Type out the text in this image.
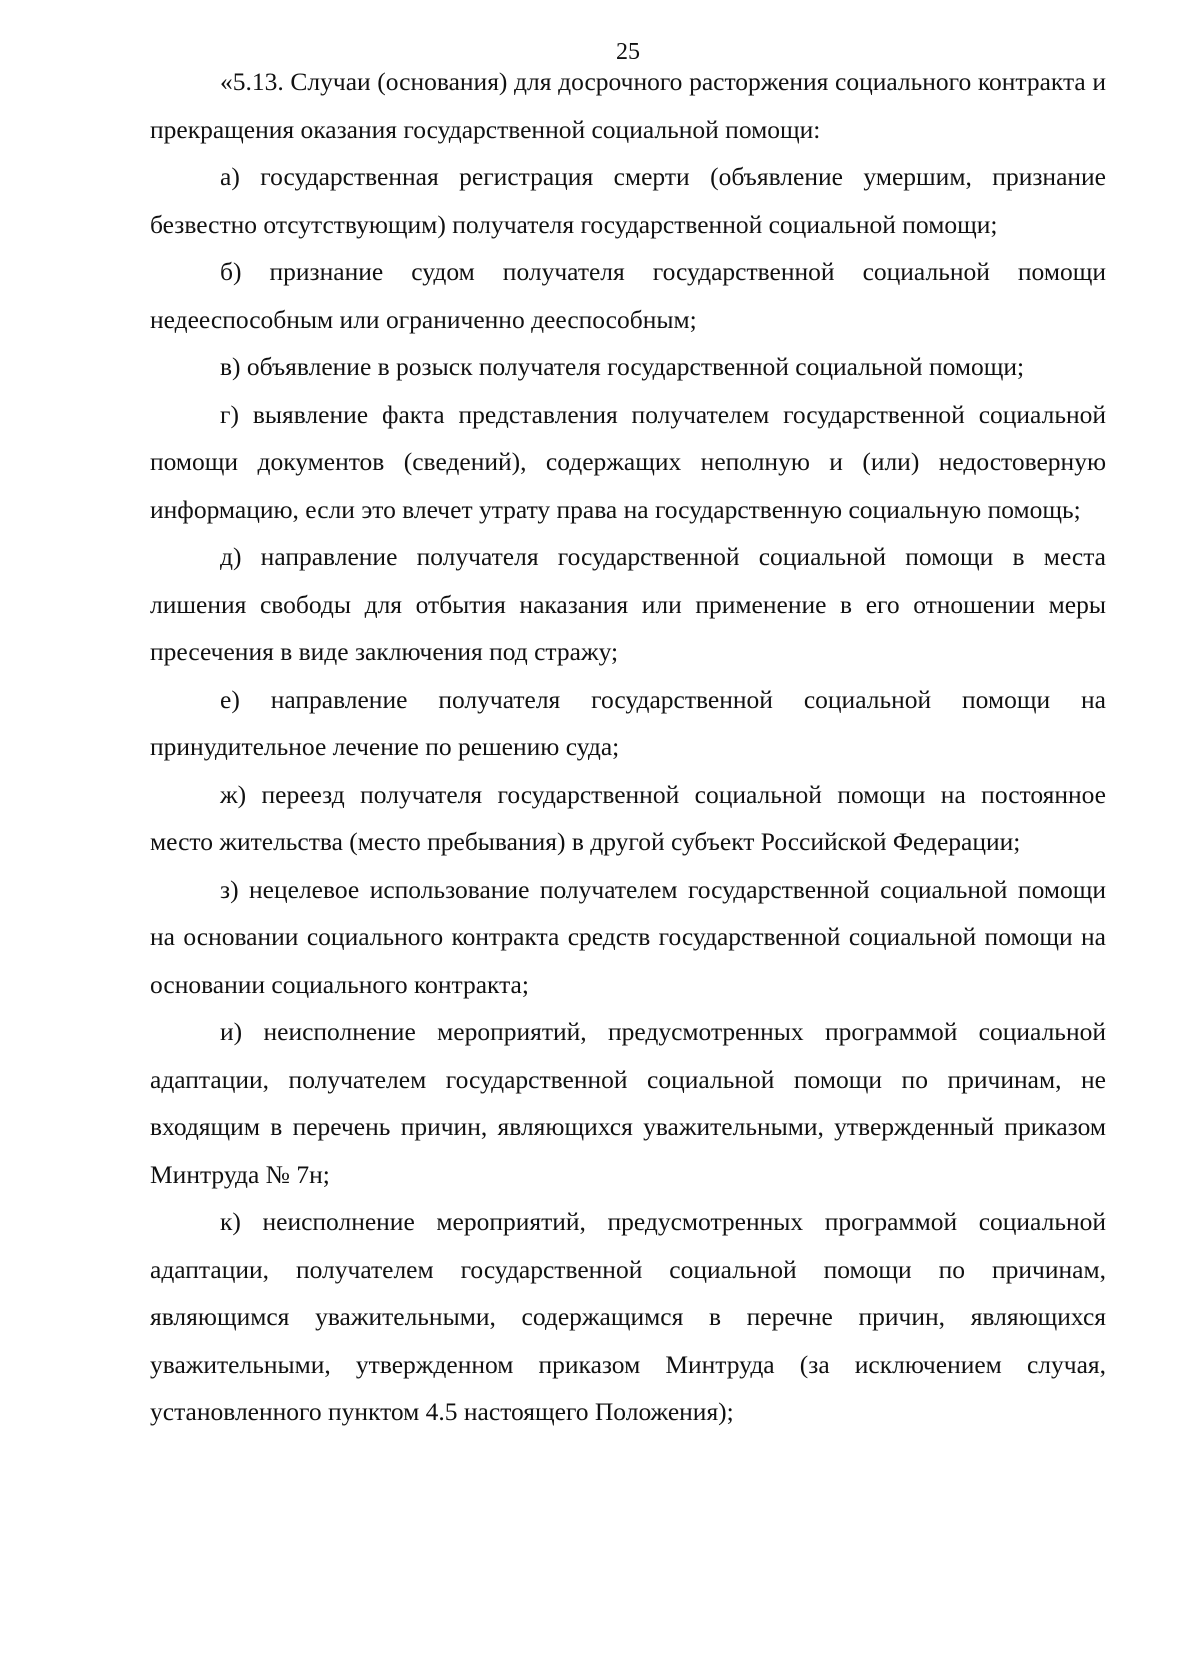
25

«5.13. Случаи (основания) для досрочного расторжения социального контракта и прекращения оказания государственной социальной помощи:

а) государственная регистрация смерти (объявление умершим, признание безвестно отсутствующим) получателя государственной социальной помощи;

б) признание судом получателя государственной социальной помощи недееспособным или ограниченно дееспособным;

в) объявление в розыск получателя государственной социальной помощи;

г) выявление факта представления получателем государственной социальной помощи документов (сведений), содержащих неполную и (или) недостоверную информацию, если это влечет утрату права на государственную социальную помощь;

д) направление получателя государственной социальной помощи в места лишения свободы для отбытия наказания или применение в его отношении меры пресечения в виде заключения под стражу;

е) направление получателя государственной социальной помощи на принудительное лечение по решению суда;

ж) переезд получателя государственной социальной помощи на постоянное место жительства (место пребывания) в другой субъект Российской Федерации;

з) нецелевое использование получателем государственной социальной помощи на основании социального контракта средств государственной социальной помощи на основании социального контракта;

и) неисполнение мероприятий, предусмотренных программой социальной адаптации, получателем государственной социальной помощи по причинам, не входящим в перечень причин, являющихся уважительными, утвержденный приказом Минтруда № 7н;

к) неисполнение мероприятий, предусмотренных программой социальной адаптации, получателем государственной социальной помощи по причинам, являющимся уважительными, содержащимся в перечне причин, являющихся уважительными, утвержденном приказом Минтруда (за исключением случая, установленного пунктом 4.5 настоящего Положения);
